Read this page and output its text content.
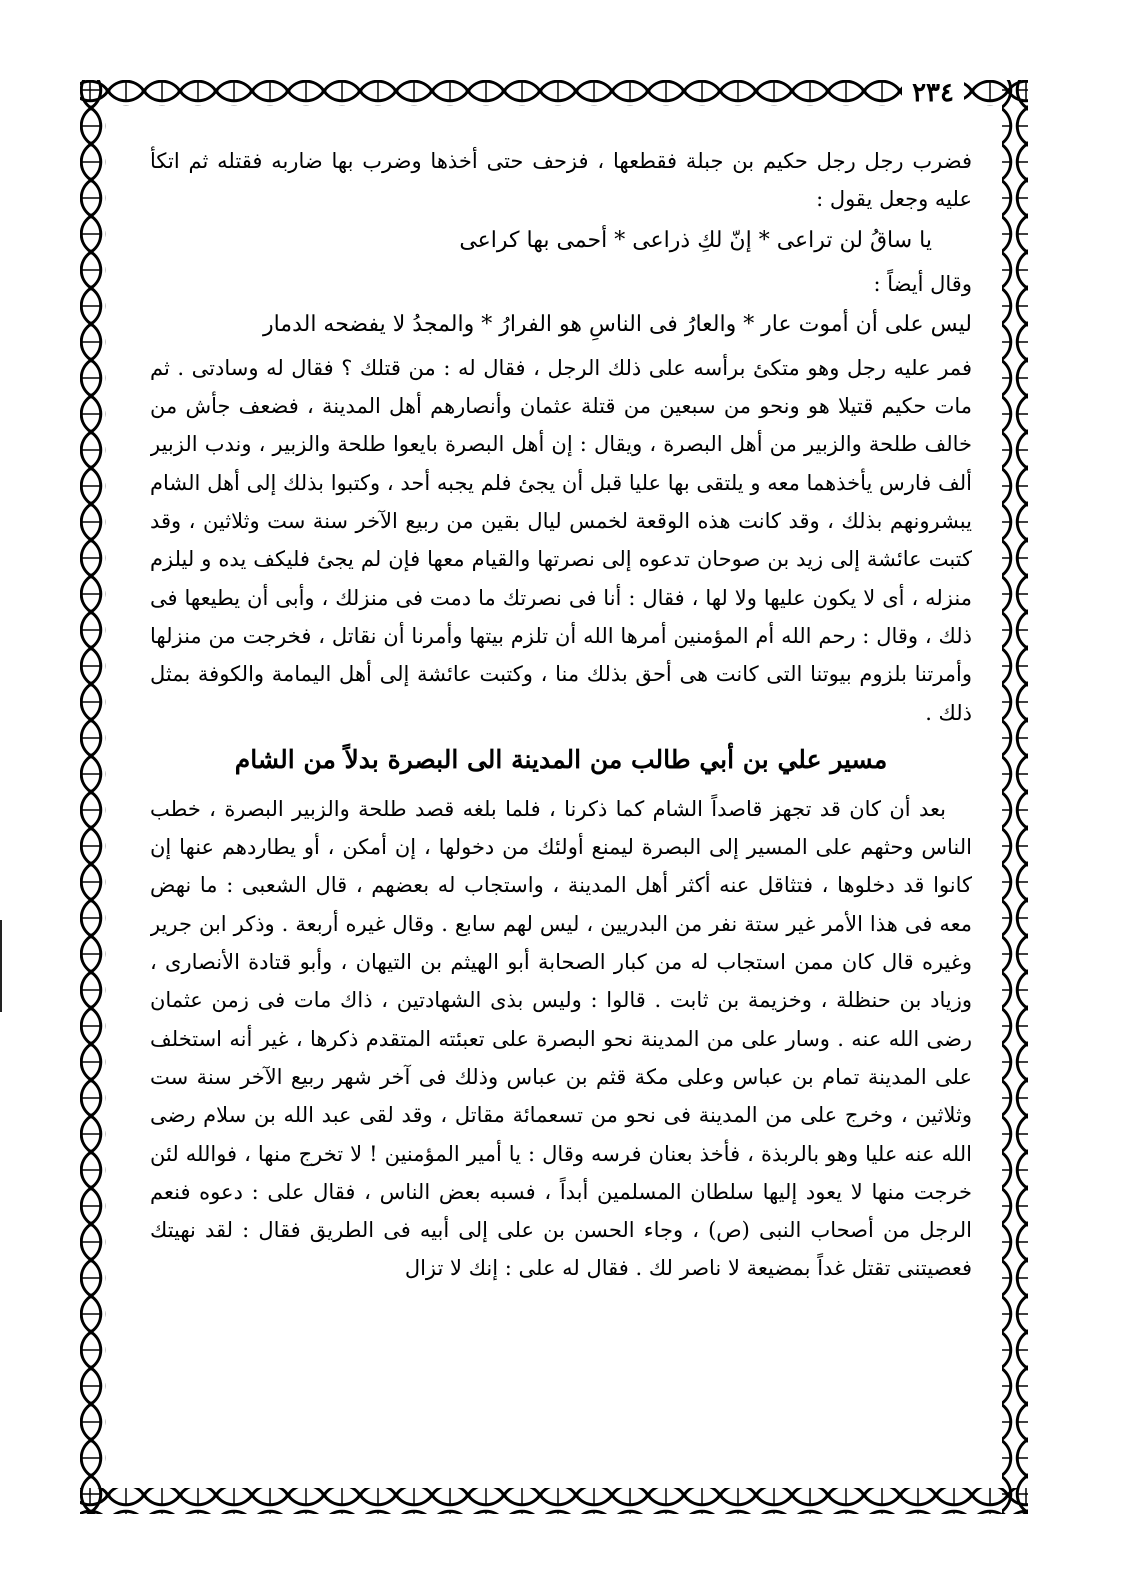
٢٣٤

فضرب رجل رجل حكيم بن جبلة فقطعها ، فزحف حتى أخذها وضرب بها ضاربه فقتله ثم اتكأ عليه وجعل يقول :

يا ساقُ لن تراعى * إنّ لكِ ذراعى * أحمى بها كراعى

وقال أيضاً :

ليس على أن أموت عار * والعارُ فى الناسِ هو الفرارُ * والمجدُ لا يفضحه الدمار

فمر عليه رجل وهو متكئ برأسه على ذلك الرجل ، فقال له : من قتلك ؟ فقال له وسادتى . ثم مات حكيم قتيلا هو ونحو من سبعين من قتلة عثمان وأنصارهم أهل المدينة ، فضعف جأش من خالف طلحة والزبير من أهل البصرة ، ويقال : إن أهل البصرة بايعوا طلحة والزبير ، وندب الزبير ألف فارس يأخذهما معه و يلتقى بها عليا قبل أن يجئ فلم يجبه أحد ، وكتبوا بذلك إلى أهل الشام يبشرونهم بذلك ، وقد كانت هذه الوقعة لخمس ليال بقين من ربيع الآخر سنة ست وثلاثين ، وقد كتبت عائشة إلى زيد بن صوحان تدعوه إلى نصرتها والقيام معها فإن لم يجئ فليكف يده و ليلزم منزله ، أى لا يكون عليها ولا لها ، فقال : أنا فى نصرتك ما دمت فى منزلك ، وأبى أن يطيعها فى ذلك ، وقال : رحم الله أم المؤمنين أمرها الله أن تلزم بيتها وأمرنا أن نقاتل ، فخرجت من منزلها وأمرتنا بلزوم بيوتنا التى كانت هى أحق بذلك منا ، وكتبت عائشة إلى أهل اليمامة والكوفة بمثل ذلك .

مسير علي بن أبي طالب من المدينة الى البصرة بدلاً من الشام

بعد أن كان قد تجهز قاصداً الشام كما ذكرنا ، فلما بلغه قصد طلحة والزبير البصرة ، خطب الناس وحثهم على المسير إلى البصرة ليمنع أولئك من دخولها ، إن أمكن ، أو يطاردهم عنها إن كانوا قد دخلوها ، فتثاقل عنه أكثر أهل المدينة ، واستجاب له بعضهم ، قال الشعبى : ما نهض معه فى هذا الأمر غير ستة نفر من البدريين ، ليس لهم سابع . وقال غيره أربعة . وذكر ابن جرير وغيره قال كان ممن استجاب له من كبار الصحابة أبو الهيثم بن التيهان ، وأبو قتادة الأنصارى ، وزياد بن حنظلة ، وخزيمة بن ثابت . قالوا : وليس بذى الشهادتين ، ذاك مات فى زمن عثمان رضى الله عنه . وسار على من المدينة نحو البصرة على تعبئته المتقدم ذكرها ، غير أنه استخلف على المدينة تمام بن عباس وعلى مكة قثم بن عباس وذلك فى آخر شهر ربيع الآخر سنة ست وثلاثين ، وخرج على من المدينة فى نحو من تسعمائة مقاتل ، وقد لقى عبد الله بن سلام رضى الله عنه عليا وهو بالربذة ، فأخذ بعنان فرسه وقال : يا أمير المؤمنين ! لا تخرج منها ، فوالله لئن خرجت منها لا يعود إليها سلطان المسلمين أبداً ، فسبه بعض الناس ، فقال على : دعوه فنعم الرجل من أصحاب النبى (ص) ، وجاء الحسن بن على إلى أبيه فى الطريق فقال : لقد نهيتك فعصيتنى تقتل غداً بمضيعة لا ناصر لك . فقال له على : إنك لا تزال
